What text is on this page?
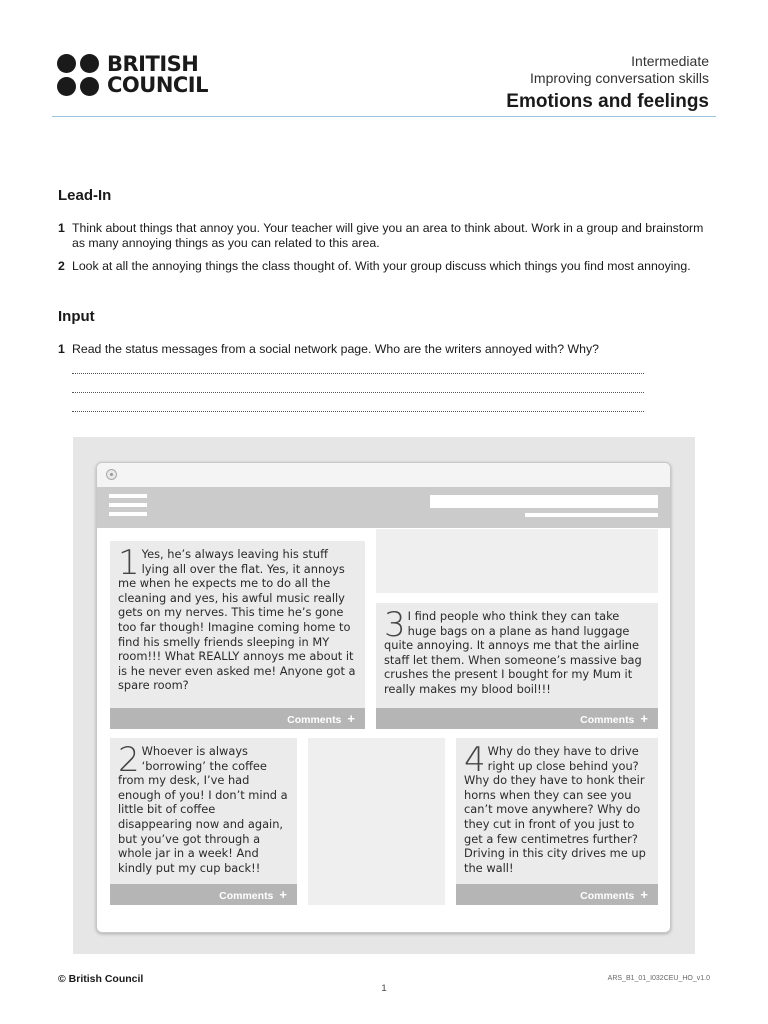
BRITISH
COUNCIL
Intermediate
Improving conversation skills
Emotions and feelings
Lead-In
1 Think about things that annoy you. Your teacher will give you an area to think about. Work in a group and brainstorm as many annoying things as you can related to this area.
2 Look at all the annoying things the class thought of. With your group discuss which things you find most annoying.
Input
1 Read the status messages from a social network page. Who are the writers annoyed with? Why?
1 Yes, he’s always leaving his stuff lying all over the flat. Yes, it annoys me when he expects me to do all the cleaning and yes, his awful music really gets on my nerves. This time he’s gone too far though! Imagine coming home to find his smelly friends sleeping in MY room!!! What REALLY annoys me about it is he never even asked me! Anyone got a spare room?
Comments +
3 I find people who think they can take huge bags on a plane as hand luggage quite annoying. It annoys me that the airline staff let them. When someone’s massive bag crushes the present I bought for my Mum it really makes my blood boil!!!
Comments +
2 Whoever is always ‘borrowing’ the coffee from my desk, I’ve had enough of you! I don’t mind a little bit of coffee disappearing now and again, but you’ve got through a whole jar in a week! And kindly put my cup back!!
Comments +
4 Why do they have to drive right up close behind you? Why do they have to honk their horns when they can see you can’t move anywhere? Why do they cut in front of you just to get a few centimetres further? Driving in this city drives me up the wall!
Comments +
© British Council	ARS_B1_01_I032CEU_HO_v1.0
1
